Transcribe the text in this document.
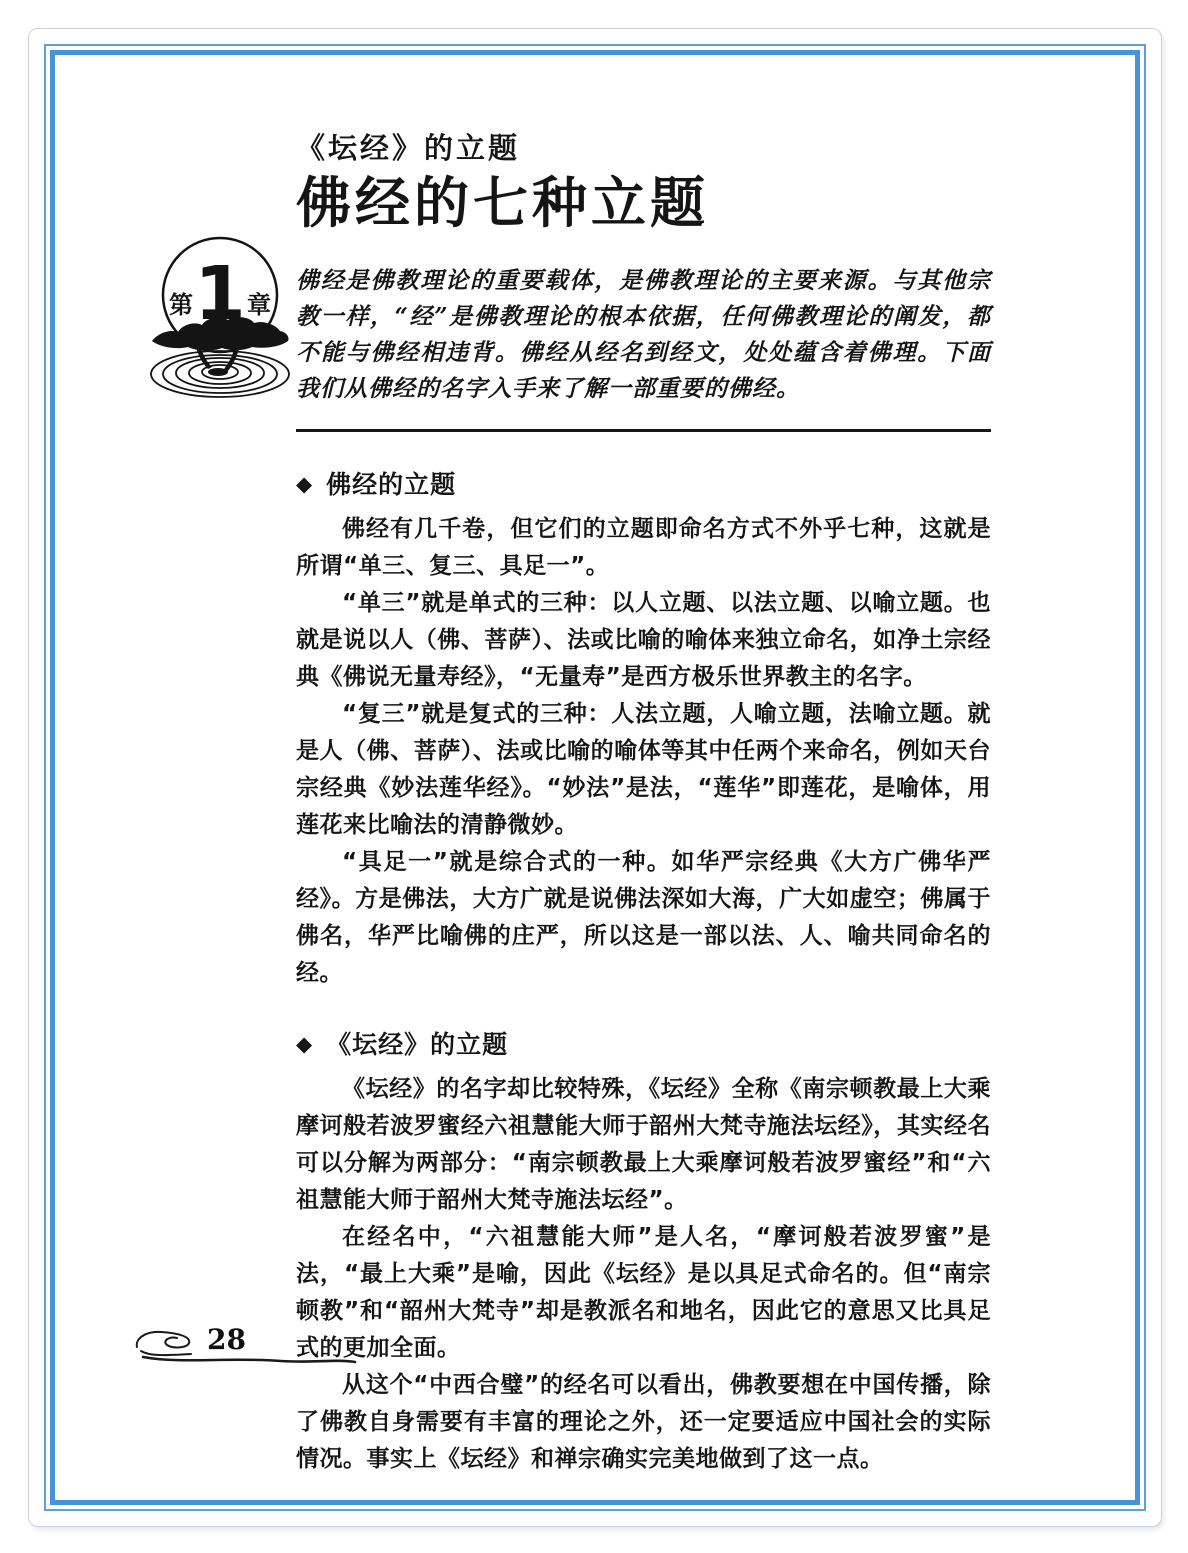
第 1 章
《坛经》的立题
佛经的七种立题

佛经是佛教理论的重要载体，是佛教理论的主要来源。与其他宗教一样，“经”是佛教理论的根本依据，任何佛教理论的阐发，都不能与佛经相违背。佛经从经名到经文，处处蕴含着佛理。下面我们从佛经的名字入手来了解一部重要的佛经。

◆ 佛经的立题

佛经有几千卷，但它们的立题即命名方式不外乎七种，这就是所谓“单三、复三、具足一”。

“单三”就是单式的三种：以人立题、以法立题、以喻立题。也就是说以人（佛、菩萨）、法或比喻的喻体来独立命名，如净土宗经典《佛说无量寿经》，“无量寿”是西方极乐世界教主的名字。

“复三”就是复式的三种：人法立题，人喻立题，法喻立题。就是人（佛、菩萨）、法或比喻的喻体等其中任两个来命名，例如天台宗经典《妙法莲华经》。“妙法”是法，“莲华”即莲花，是喻体，用莲花来比喻法的清静微妙。

“具足一”就是综合式的一种。如华严宗经典《大方广佛华严经》。方是佛法，大方广就是说佛法深如大海，广大如虚空；佛属于佛名，华严比喻佛的庄严，所以这是一部以法、人、喻共同命名的经。

◆ 《坛经》的立题

《坛经》的名字却比较特殊，《坛经》全称《南宗顿教最上大乘摩诃般若波罗蜜经六祖慧能大师于韶州大梵寺施法坛经》，其实经名可以分解为两部分：“南宗顿教最上大乘摩诃般若波罗蜜经”和“六祖慧能大师于韶州大梵寺施法坛经”。

在经名中，“六祖慧能大师”是人名，“摩诃般若波罗蜜”是法，“最上大乘”是喻，因此《坛经》是以具足式命名的。但“南宗顿教”和“韶州大梵寺”却是教派名和地名，因此它的意思又比具足式的更加全面。

从这个“中西合璧”的经名可以看出，佛教要想在中国传播，除了佛教自身需要有丰富的理论之外，还一定要适应中国社会的实际情况。事实上《坛经》和禅宗确实完美地做到了这一点。

28
